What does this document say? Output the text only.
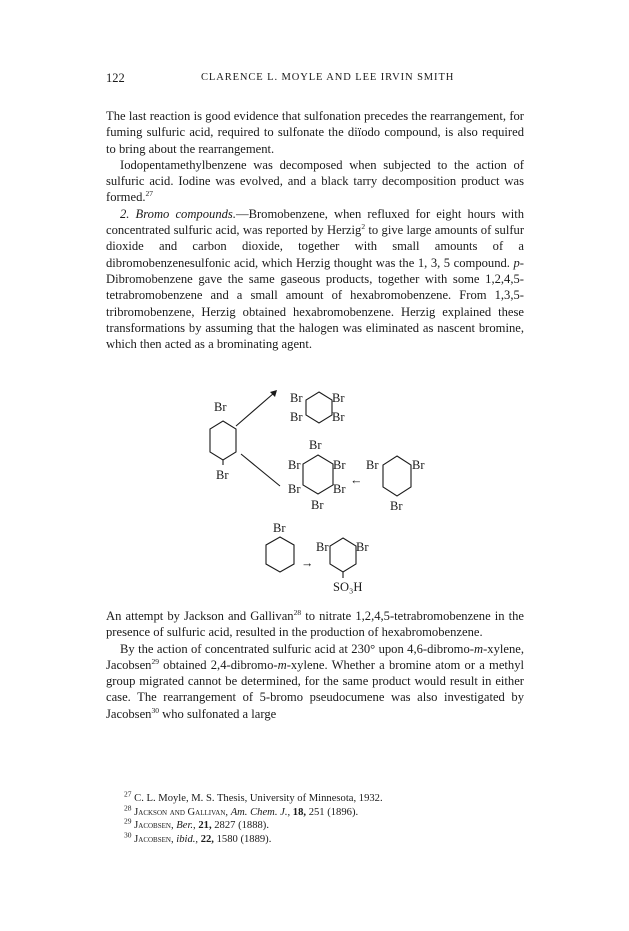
122	CLARENCE L. MOYLE AND LEE IRVIN SMITH

The last reaction is good evidence that sulfonation precedes the rearrangement, for fuming sulfuric acid, required to sulfonate the diïodo compound, is also required to bring about the rearrangement.

Iodopentamethylbenzene was decomposed when subjected to the action of sulfuric acid. Iodine was evolved, and a black tarry decomposition product was formed.$^{27}$

2. Bromo compounds.—Bromobenzene, when refluxed for eight hours with concentrated sulfuric acid, was reported by Herzig$^2$ to give large amounts of sulfur dioxide and carbon dioxide, together with small amounts of a dibromobenzenesulfonic acid, which Herzig thought was the 1, 3, 5 compound. p-Dibromobenzene gave the same gaseous products, together with some 1,2,4,5-tetrabromobenzene and a small amount of hexabromobenzene. From 1,3,5-tribromobenzene, Herzig obtained hexabromobenzene. Herzig explained these transformations by assuming that the halogen was eliminated as nascent bromine, which then acted as a brominating agent.

Br Br
Br Br
Br
Br
Br
Br	Br
Br	Br
Br
←
Br	Br
Br
Br
→
Br Br
SO₃H

An attempt by Jackson and Gallivan$^{28}$ to nitrate 1,2,4,5-tetrabromobenzene in the presence of sulfuric acid, resulted in the production of hexabromobenzene.

By the action of concentrated sulfuric acid at 230° upon 4,6-dibromo-m-xylene, Jacobsen$^{29}$ obtained 2,4-dibromo-m-xylene. Whether a bromine atom or a methyl group migrated cannot be determined, for the same product would result in either case. The rearrangement of 5-bromo pseudocumene was also investigated by Jacobsen$^{30}$ who sulfonated a large

$^{27}$ C. L. Moyle, M. S. Thesis, University of Minnesota, 1932.
$^{28}$ Jackson and Gallivan, Am. Chem. J., 18, 251 (1896).
$^{29}$ Jacobsen, Ber., 21, 2827 (1888).
$^{30}$ Jacobsen, ibid., 22, 1580 (1889).
